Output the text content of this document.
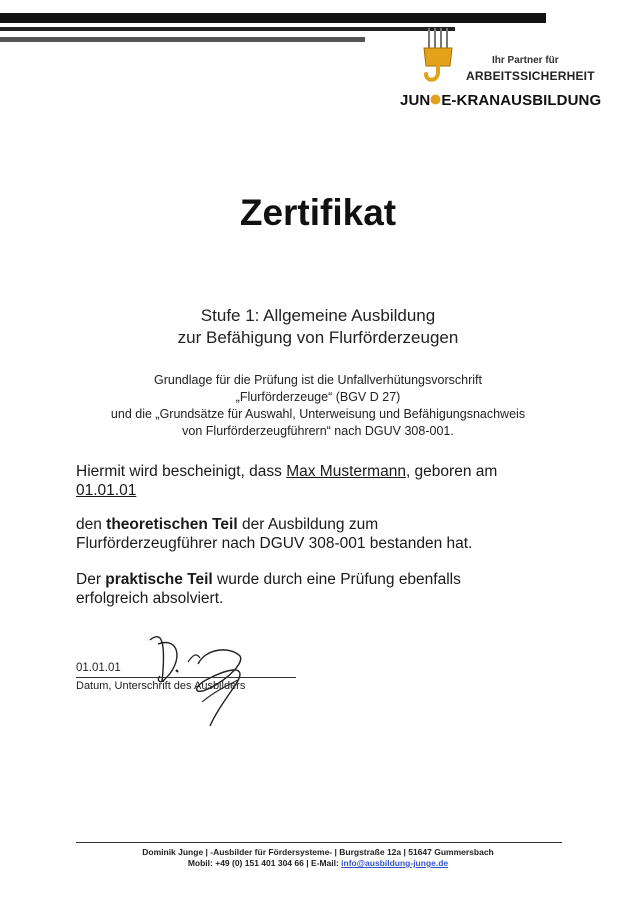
Ihr Partner für
ARBEITSSICHERHEIT
JUN E-KRANAUSBILDUNG
Zertifikat
Stufe 1: Allgemeine Ausbildung
zur Befähigung von Flurförderzeugen
Grundlage für die Prüfung ist die Unfallverhütungsvorschrift
„Flurförderzeuge“ (BGV D 27)
und die „Grundsätze für Auswahl, Unterweisung und Befähigungsnachweis
von Flurförderzeugführern“ nach DGUV 308-001.
Hiermit wird bescheinigt, dass Max Mustermann, geboren am
01.01.01
den theoretischen Teil der Ausbildung zum
Flurförderzeugführer nach DGUV 308-001 bestanden hat.
Der praktische Teil wurde durch eine Prüfung ebenfalls
erfolgreich absolviert.
01.01.01
Datum, Unterschrift des Ausbilders
Dominik Junge | -Ausbilder für Fördersysteme- | Burgstraße 12a | 51647 Gummersbach
Mobil: +49 (0) 151 401 304 66 | E-Mail: info@ausbildung-junge.de
